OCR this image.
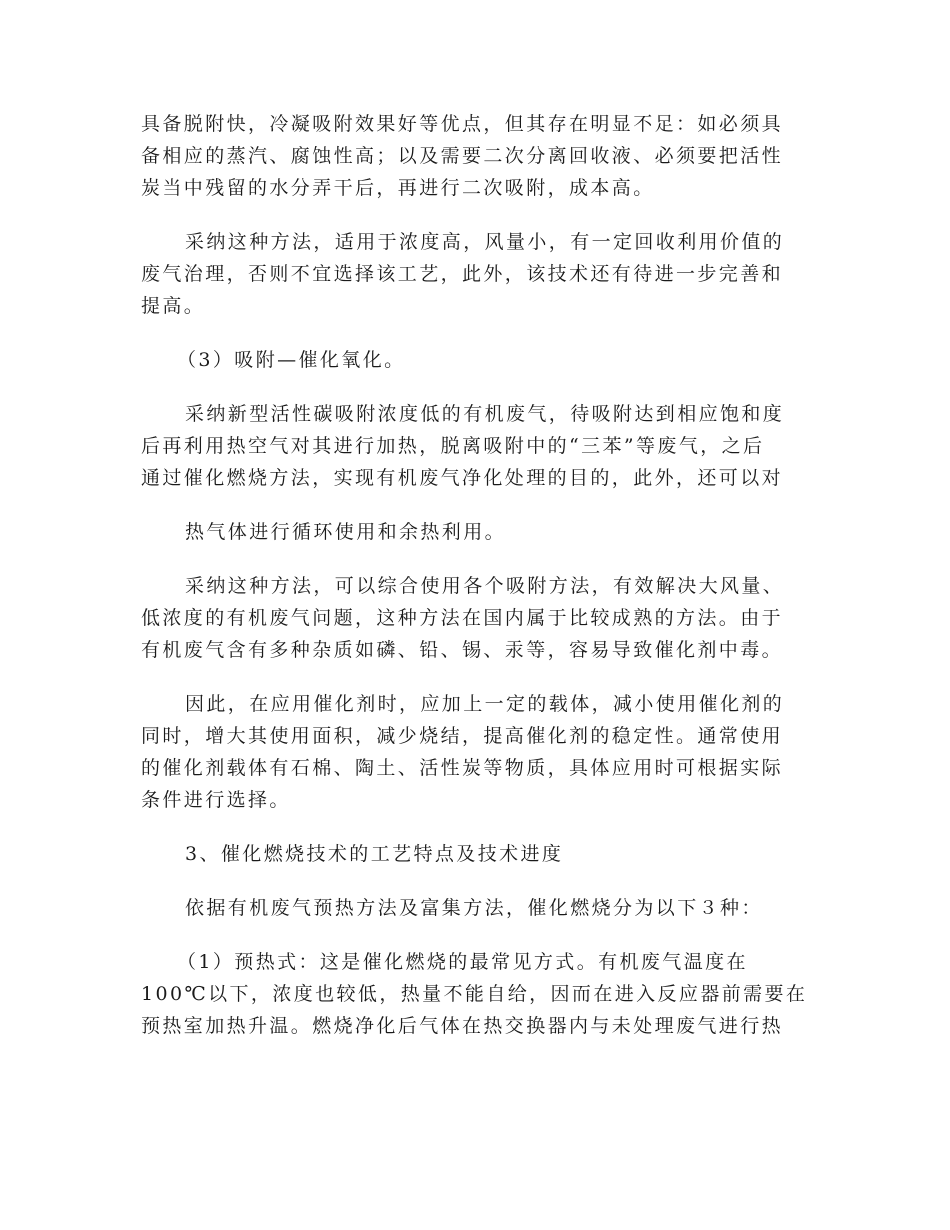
具备脱附快，冷凝吸附效果好等优点，但其存在明显不足：如必须具
备相应的蒸汽、腐蚀性高；以及需要二次分离回收液、必须要把活性
炭当中残留的水分弄干后，再进行二次吸附，成本高。
采纳这种方法，适用于浓度高，风量小，有一定回收利用价值的
废气治理，否则不宜选择该工艺，此外，该技术还有待进一步完善和
提高。
（3）吸附—催化氧化。
采纳新型活性碳吸附浓度低的有机废气，待吸附达到相应饱和度
后再利用热空气对其进行加热，脱离吸附中的“三苯”等废气，之后
通过催化燃烧方法，实现有机废气净化处理的目的，此外，还可以对
热气体进行循环使用和余热利用。
采纳这种方法，可以综合使用各个吸附方法，有效解决大风量、
低浓度的有机废气问题，这种方法在国内属于比较成熟的方法。由于
有机废气含有多种杂质如磷、铅、锡、汞等，容易导致催化剂中毒。
因此，在应用催化剂时，应加上一定的载体，减小使用催化剂的
同时，增大其使用面积，减少烧结，提高催化剂的稳定性。通常使用
的催化剂载体有石棉、陶土、活性炭等物质，具体应用时可根据实际
条件进行选择。
3、催化燃烧技术的工艺特点及技术进度
依据有机废气预热方法及富集方法，催化燃烧分为以下３种：
（1）预热式：这是催化燃烧的最常见方式。有机废气温度在
100℃以下，浓度也较低，热量不能自给，因而在进入反应器前需要在
预热室加热升温。燃烧净化后气体在热交换器内与未处理废气进行热
